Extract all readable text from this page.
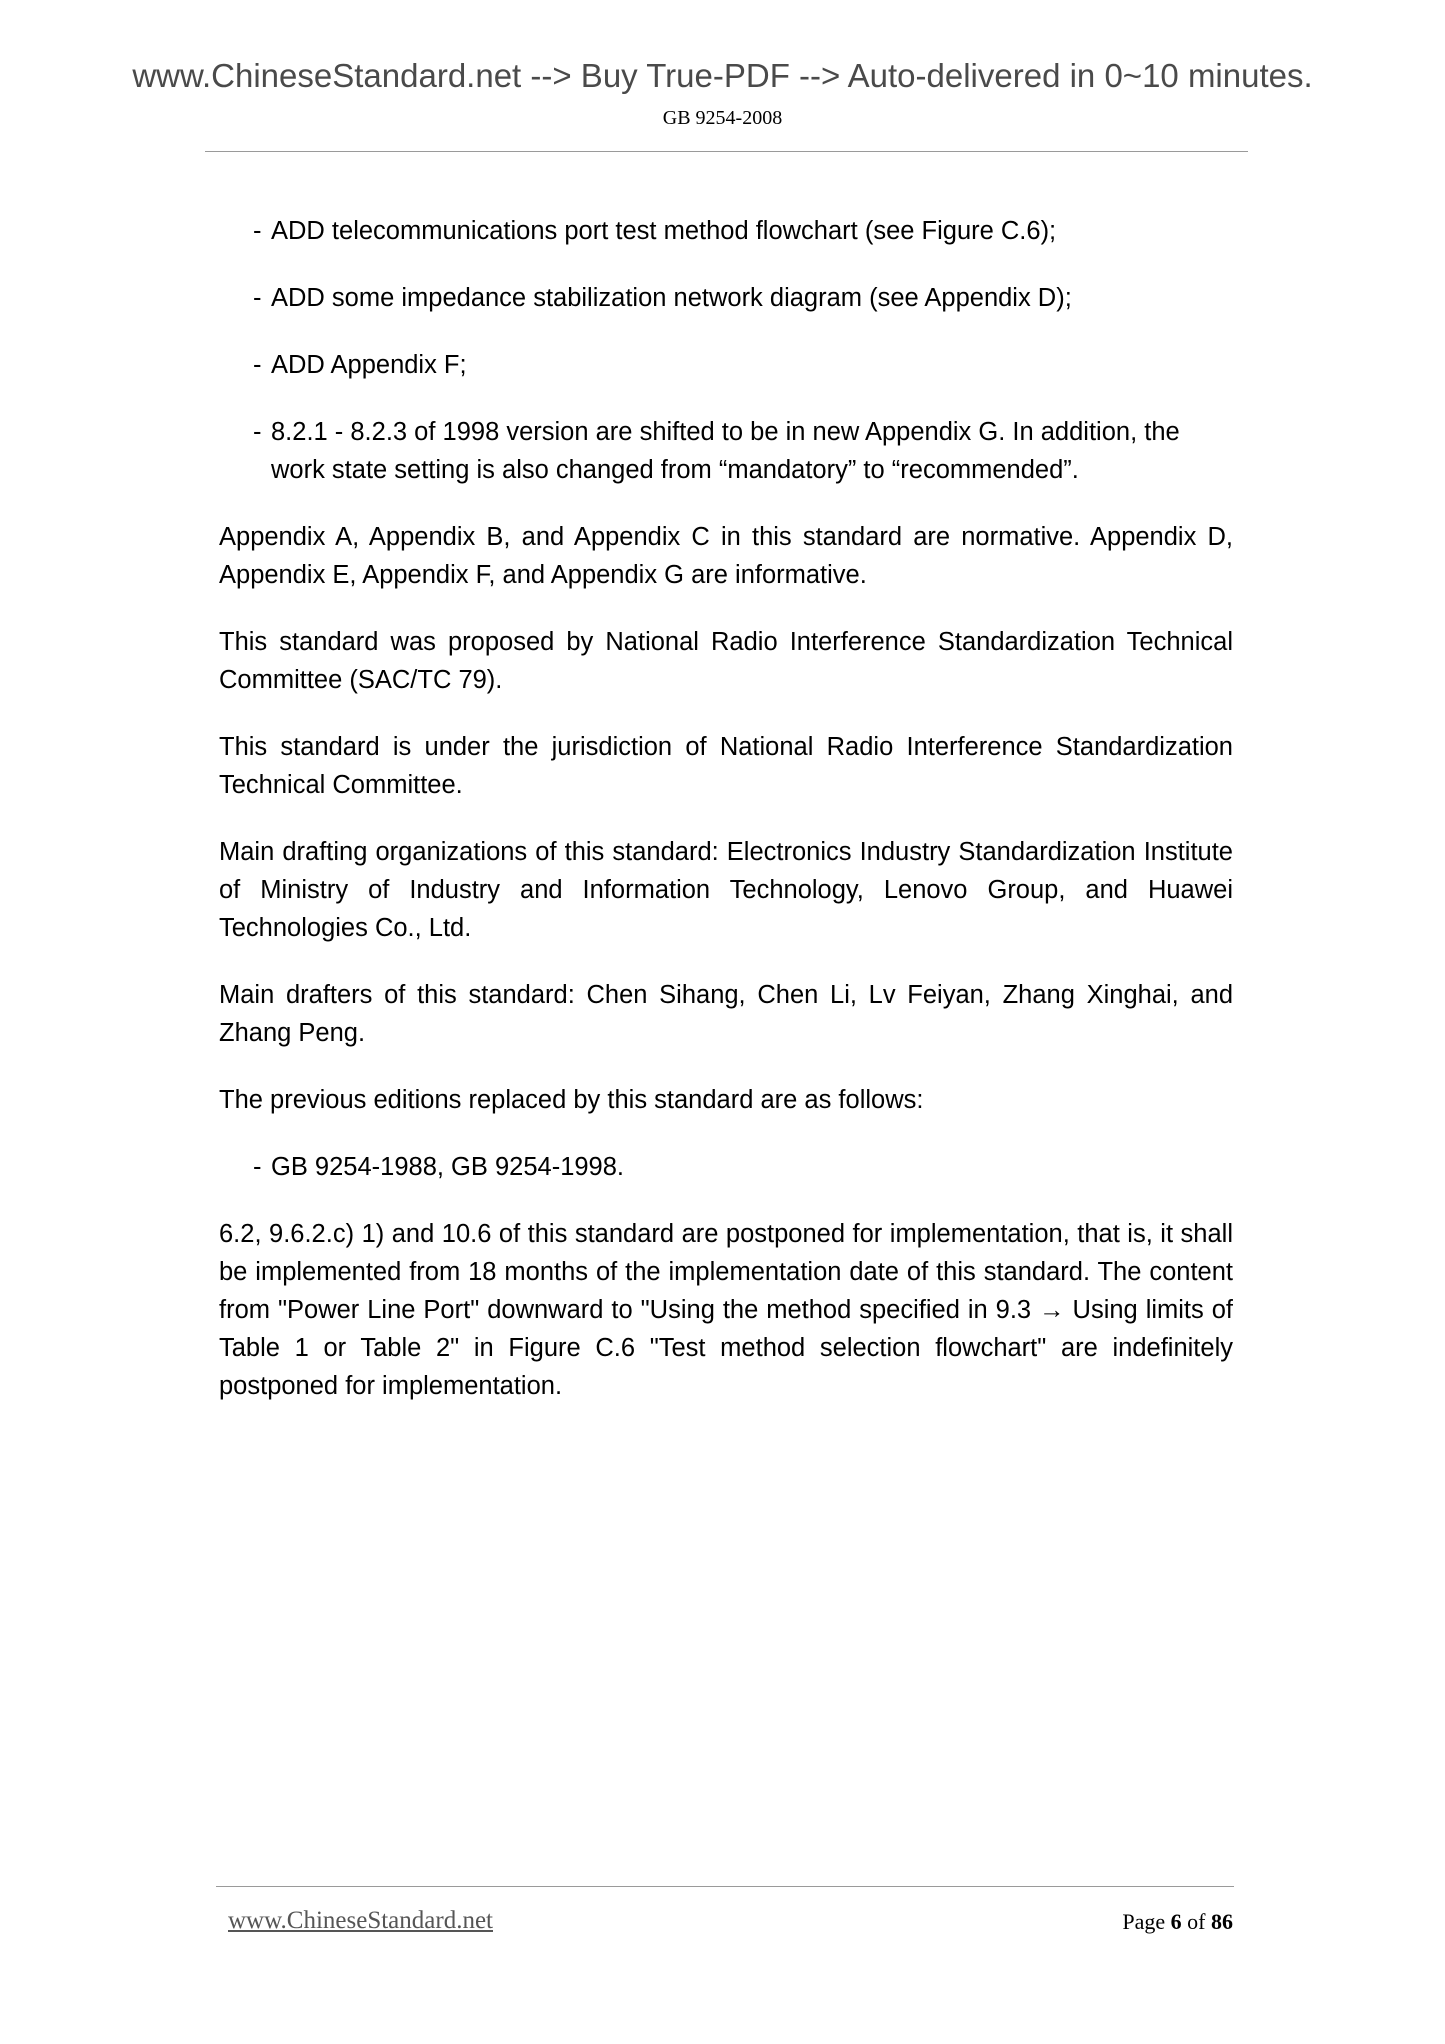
www.ChineseStandard.net --> Buy True-PDF --> Auto-delivered in 0~10 minutes.
GB 9254-2008
- ADD telecommunications port test method flowchart (see Figure C.6);
- ADD some impedance stabilization network diagram (see Appendix D);
- ADD Appendix F;
- 8.2.1 - 8.2.3 of 1998 version are shifted to be in new Appendix G. In addition, the work state setting is also changed from “mandatory” to “recommended”.

Appendix A, Appendix B, and Appendix C in this standard are normative. Appendix D, Appendix E, Appendix F, and Appendix G are informative.

This standard was proposed by National Radio Interference Standardization Technical Committee (SAC/TC 79).

This standard is under the jurisdiction of National Radio Interference Standardization Technical Committee.

Main drafting organizations of this standard: Electronics Industry Standardization Institute of Ministry of Industry and Information Technology, Lenovo Group, and Huawei Technologies Co., Ltd.

Main drafters of this standard: Chen Sihang, Chen Li, Lv Feiyan, Zhang Xinghai, and Zhang Peng.

The previous editions replaced by this standard are as follows:

- GB 9254-1988, GB 9254-1998.

6.2, 9.6.2.c) 1) and 10.6 of this standard are postponed for implementation, that is, it shall be implemented from 18 months of the implementation date of this standard. The content from "Power Line Port" downward to "Using the method specified in 9.3 → Using limits of Table 1 or Table 2" in Figure C.6 "Test method selection flowchart" are indefinitely postponed for implementation.

www.ChineseStandard.net	Page 6 of 86
